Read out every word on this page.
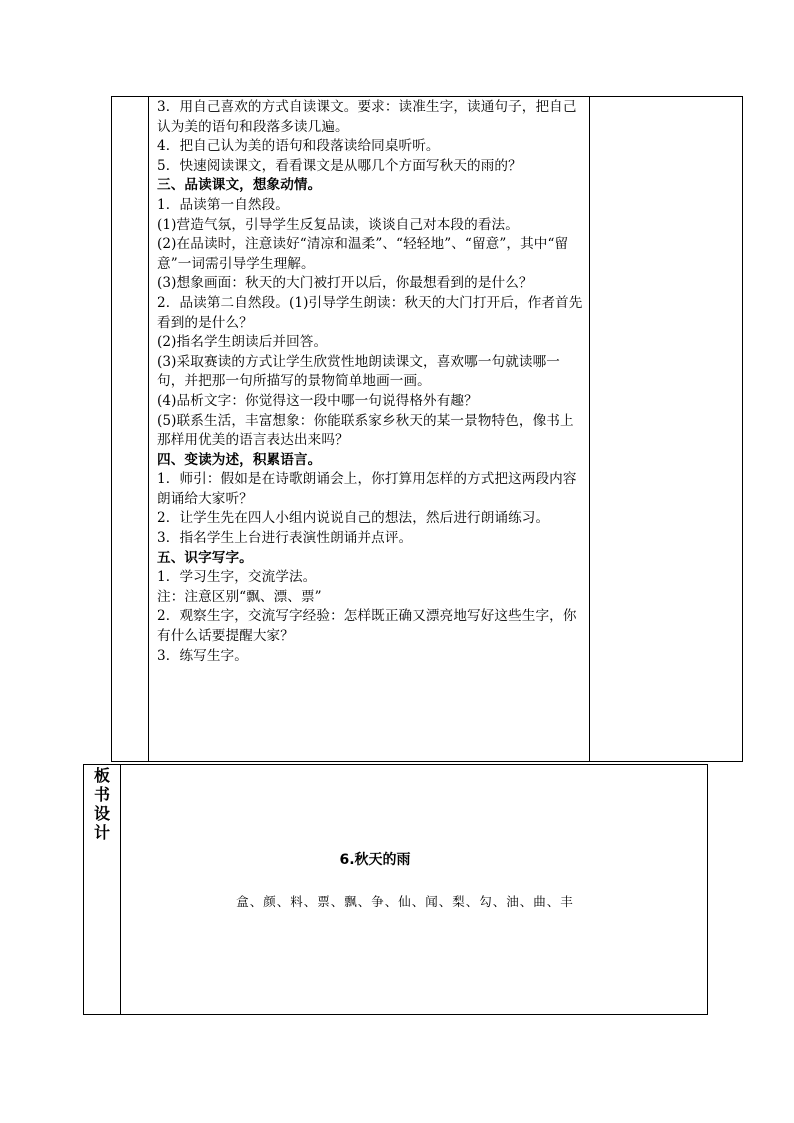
3．用自己喜欢的方式自读课文。要求：读准生字，读通句子，把自己认为美的语句和段落多读几遍。

4．把自己认为美的语句和段落读给同桌听听。

5．快速阅读课文，看看课文是从哪几个方面写秋天的雨的？

三、品读课文，想象动情。

1．品读第一自然段。

(1)营造气氛，引导学生反复品读，谈谈自己对本段的看法。

(2)在品读时，注意读好“清凉和温柔”、“轻轻地”、“留意”，其中“留意”一词需引导学生理解。

(3)想象画面：秋天的大门被打开以后，你最想看到的是什么？

2．品读第二自然段。(1)引导学生朗读：秋天的大门打开后，作者首先看到的是什么？

(2)指名学生朗读后并回答。

(3)采取赛读的方式让学生欣赏性地朗读课文，喜欢哪一句就读哪一句，并把那一句所描写的景物简单地画一画。

(4)品析文字：你觉得这一段中哪一句说得格外有趣？

(5)联系生活，丰富想象：你能联系家乡秋天的某一景物特色，像书上那样用优美的语言表达出来吗？

四、变读为述，积累语言。

1．师引：假如是在诗歌朗诵会上，你打算用怎样的方式把这两段内容朗诵给大家听？

2．让学生先在四人小组内说说自己的想法，然后进行朗诵练习。

3．指名学生上台进行表演性朗诵并点评。

五、识字写字。

1．学习生字，交流学法。

注：注意区别“飘、漂、票”

2．观察生字，交流写字经验：怎样既正确又漂亮地写好这些生字，你有什么话要提醒大家？

3．练写生字。

板
书
设
计
6.秋天的雨
盒、颜、料、票、飘、争、仙、闻、梨、勾、油、曲、丰
